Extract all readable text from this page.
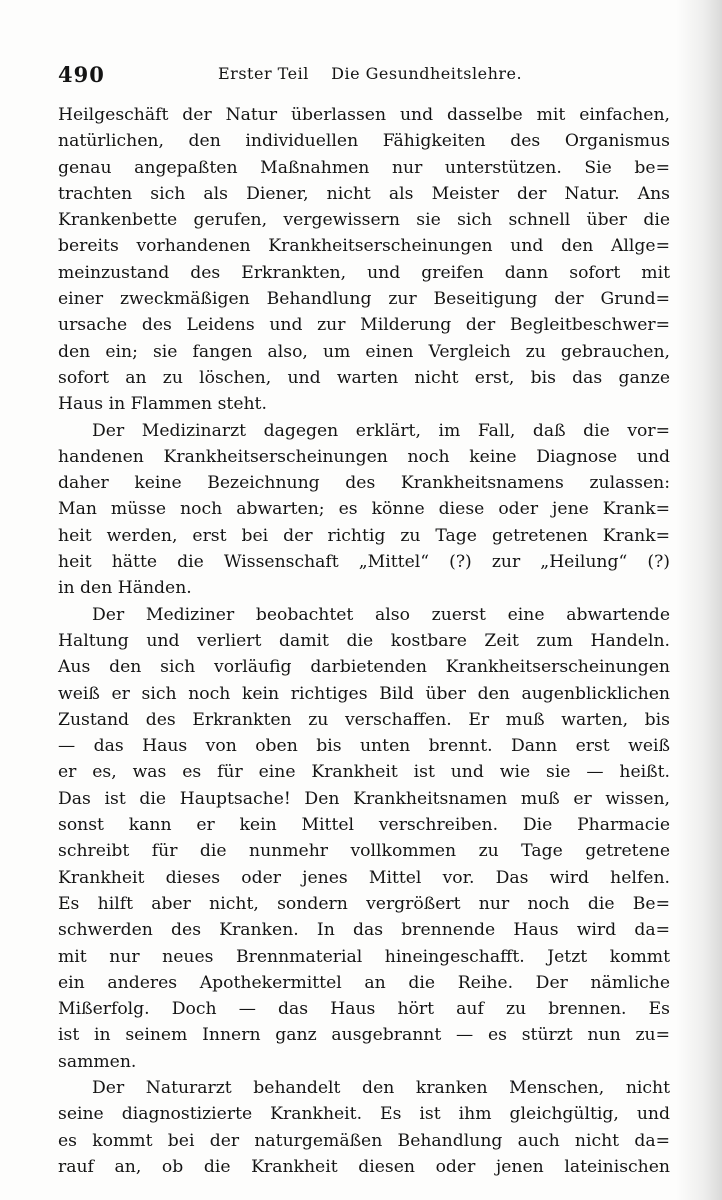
490	Erster Teil    Die Gesundheitslehre.
Heilgeschäft der Natur überlassen und dasselbe mit einfachen,
natürlichen, den individuellen Fähigkeiten des Organismus
genau angepaßten Maßnahmen nur unterstützen. Sie be=
trachten sich als Diener, nicht als Meister der Natur. Ans
Krankenbette gerufen, vergewissern sie sich schnell über die
bereits vorhandenen Krankheitserscheinungen und den Allge=
meinzustand des Erkrankten, und greifen dann sofort mit
einer zweckmäßigen Behandlung zur Beseitigung der Grund=
ursache des Leidens und zur Milderung der Begleitbeschwer=
den ein; sie fangen also, um einen Vergleich zu gebrauchen,
sofort an zu löschen, und warten nicht erst, bis das ganze
Haus in Flammen steht.
Der Medizinarzt dagegen erklärt, im Fall, daß die vor=
handenen Krankheitserscheinungen noch keine Diagnose und
daher keine Bezeichnung des Krankheitsnamens zulassen:
Man müsse noch abwarten; es könne diese oder jene Krank=
heit werden, erst bei der richtig zu Tage getretenen Krank=
heit hätte die Wissenschaft „Mittel“ (?) zur „Heilung“ (?)
in den Händen.
Der Mediziner beobachtet also zuerst eine abwartende
Haltung und verliert damit die kostbare Zeit zum Handeln.
Aus den sich vorläufig darbietenden Krankheitserscheinungen
weiß er sich noch kein richtiges Bild über den augenblicklichen
Zustand des Erkrankten zu verschaffen. Er muß warten, bis
— das Haus von oben bis unten brennt. Dann erst weiß
er es, was es für eine Krankheit ist und wie sie — heißt.
Das ist die Hauptsache! Den Krankheitsnamen muß er wissen,
sonst kann er kein Mittel verschreiben. Die Pharmacie
schreibt für die nunmehr vollkommen zu Tage getretene
Krankheit dieses oder jenes Mittel vor. Das wird helfen.
Es hilft aber nicht, sondern vergrößert nur noch die Be=
schwerden des Kranken. In das brennende Haus wird da=
mit nur neues Brennmaterial hineingeschafft. Jetzt kommt
ein anderes Apothekermittel an die Reihe. Der nämliche
Mißerfolg. Doch — das Haus hört auf zu brennen. Es
ist in seinem Innern ganz ausgebrannt — es stürzt nun zu=
sammen.
Der Naturarzt behandelt den kranken Menschen, nicht
seine diagnostizierte Krankheit. Es ist ihm gleichgültig, und
es kommt bei der naturgemäßen Behandlung auch nicht da=
rauf an, ob die Krankheit diesen oder jenen lateinischen
